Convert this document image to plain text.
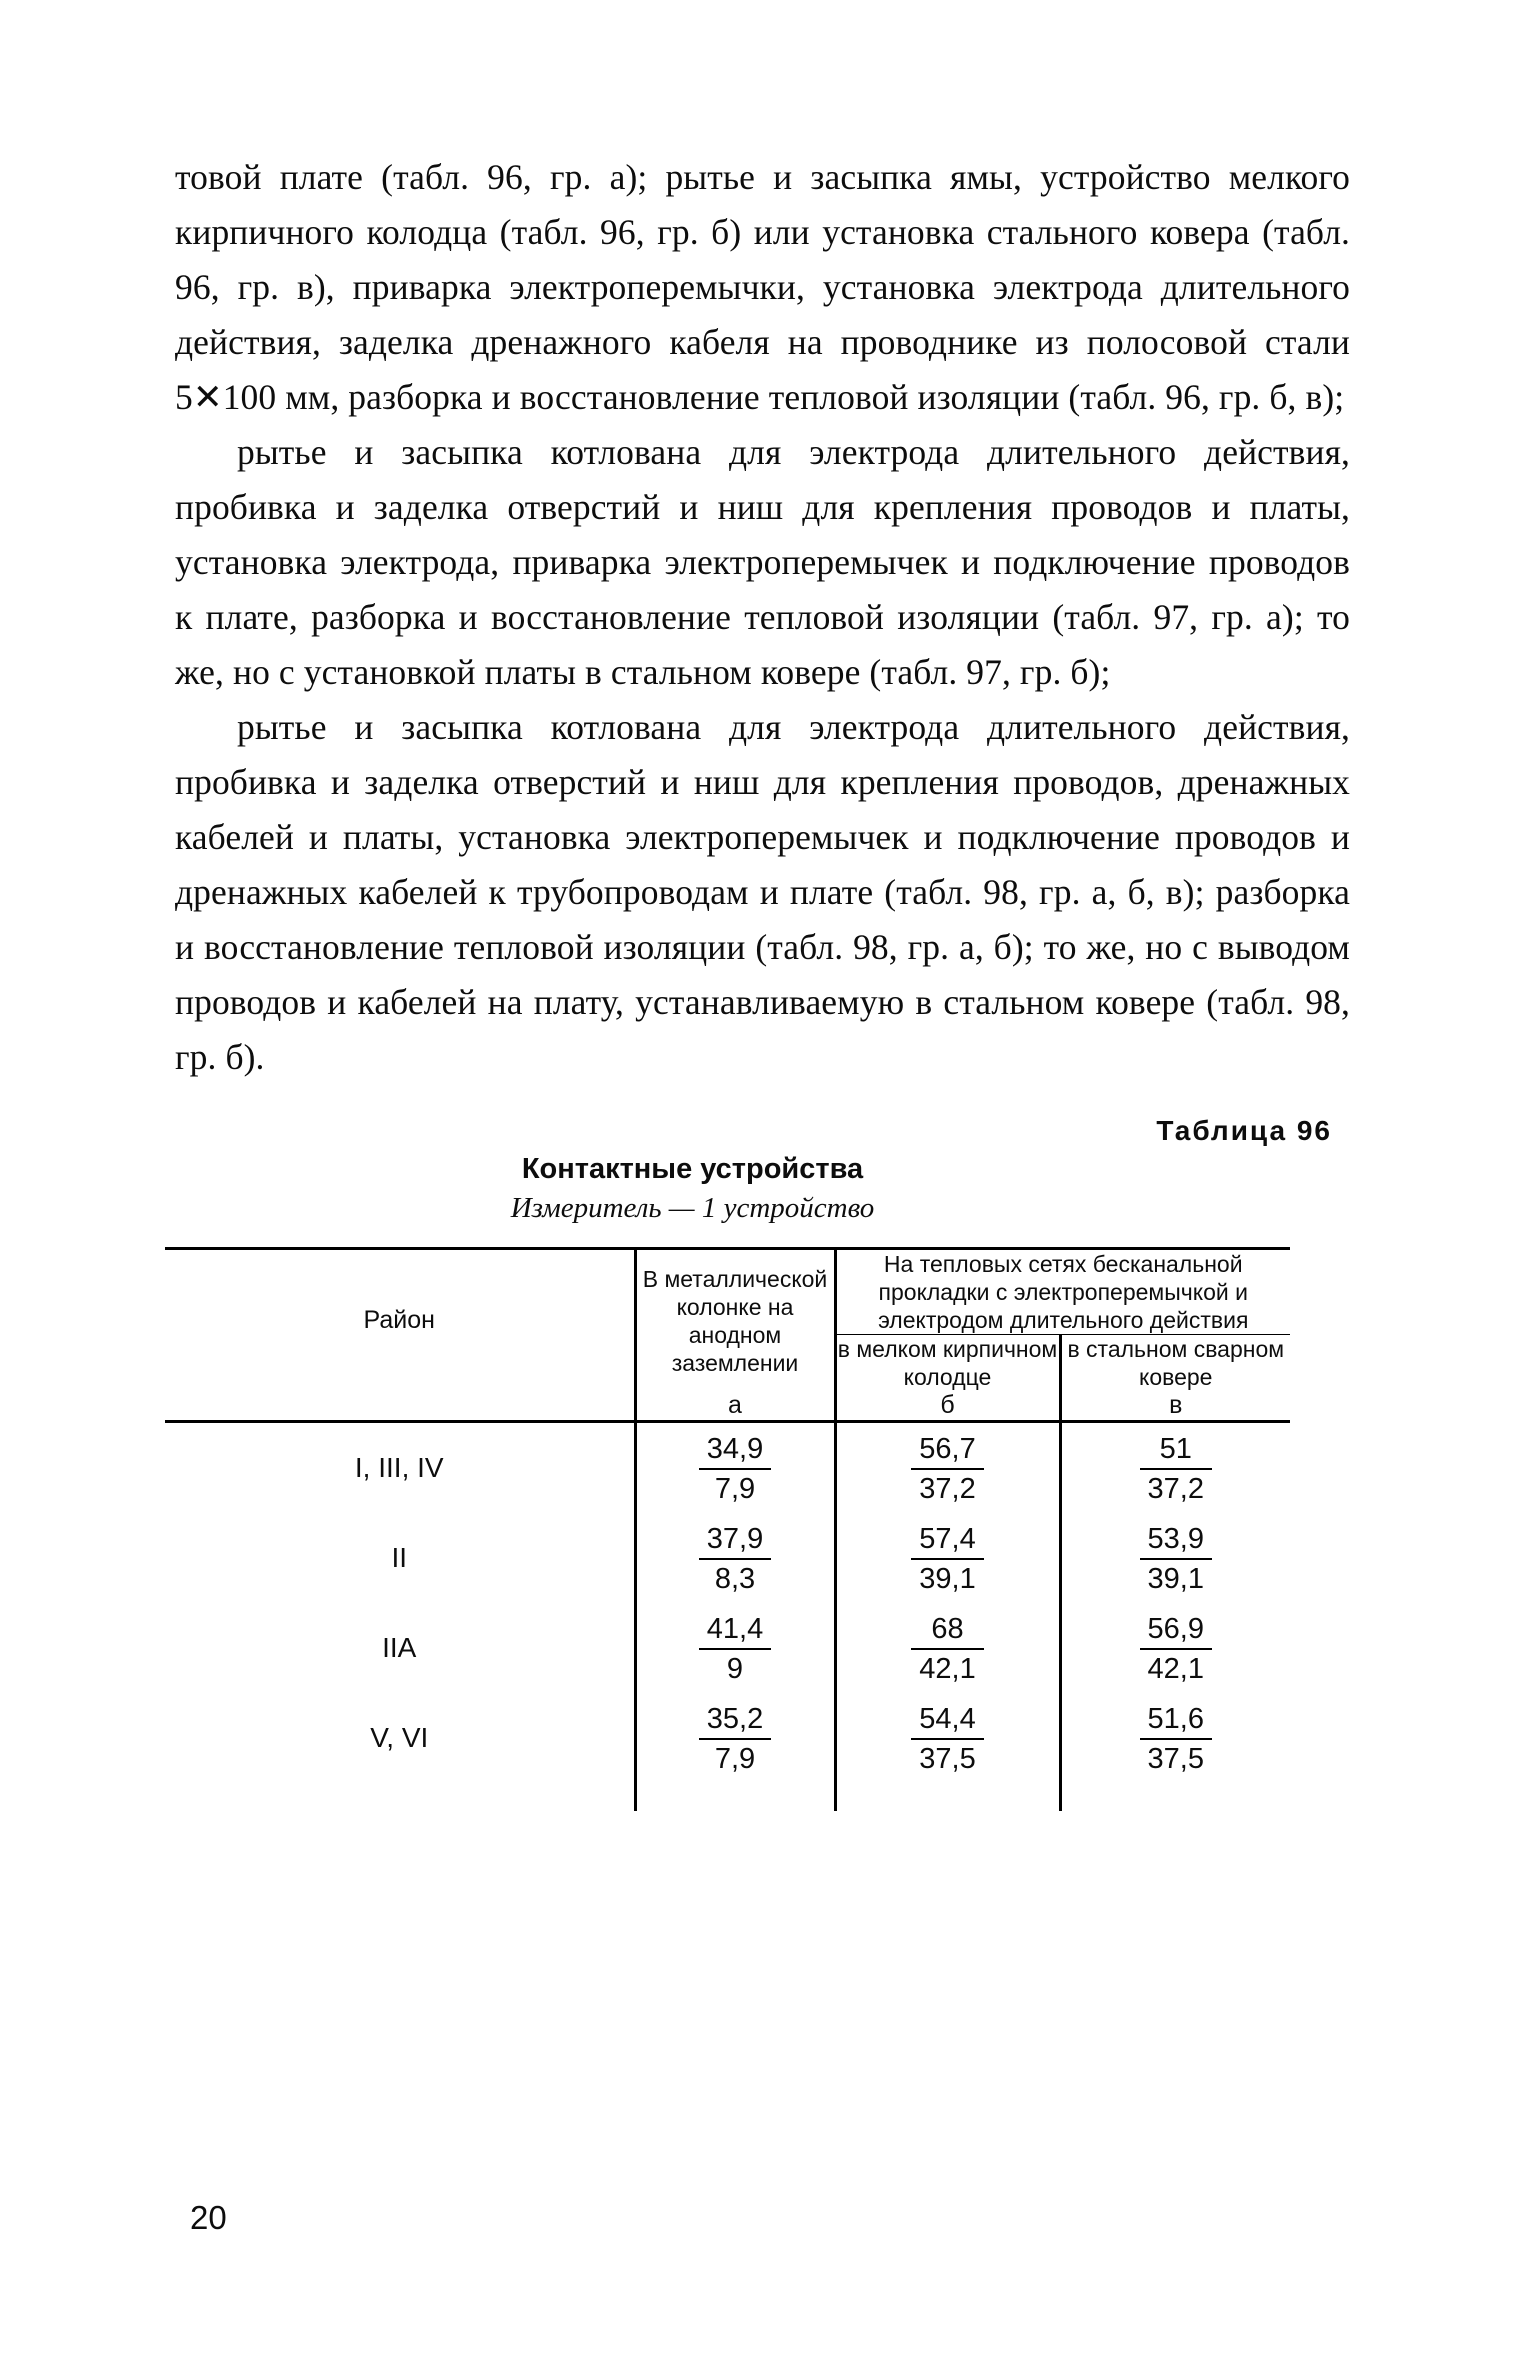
товой плате (табл. 96, гр. а); рытье и засыпка ямы, устройство мелкого кирпичного колодца (табл. 96, гр. б) или установка стального ковера (табл. 96, гр. в), приварка электроперемычки, установка электрода длительного действия, заделка дренажного кабеля на проводнике из полосовой стали 5✕100 мм, разборка и восстановление тепловой изоляции (табл. 96, гр. б, в);

рытье и засыпка котлована для электрода длительного действия, пробивка и заделка отверстий и ниш для крепления проводов и платы, установка электрода, приварка электроперемычек и подключение проводов к плате, разборка и восстановление тепловой изоляции (табл. 97, гр. а); то же, но с установкой платы в стальном ковере (табл. 97, гр. б);

рытье и засыпка котлована для электрода длительного действия, пробивка и заделка отверстий и ниш для крепления проводов, дренажных кабелей и платы, установка электроперемычек и подключение проводов и дренажных кабелей к трубопроводам и плате (табл. 98, гр. а, б, в); разборка и восстановление тепловой изоляции (табл. 98, гр. а, б); то же, но с выводом проводов и кабелей на плату, устанавливаемую в стальном ковере (табл. 98, гр. б).

Таблица 96
Контактные устройства
Измеритель — 1 устройство
Район	В металлической колонке на анодном заземлении	На тепловых сетях бесканальной прокладки с электроперемычкой и электродом длительного действия	
		в мелком кирпичном колодце	в стальном сварном ковере
	а	б	в
I, III, IV	$\frac{34,9}{7,9}$	$\frac{56,7}{37,2}$	$\frac{51}{37,2}$

II	$\frac{37,9}{8,3}$	$\frac{57,4}{39,1}$	$\frac{53,9}{39,1}$

IIA	$\frac{41,4}{9}$	$\frac{68}{42,1}$	$\frac{56,9}{42,1}$

V, VI	$\frac{35,2}{7,9}$	$\frac{54,4}{37,5}$	$\frac{51,6}{37,5}$

20
